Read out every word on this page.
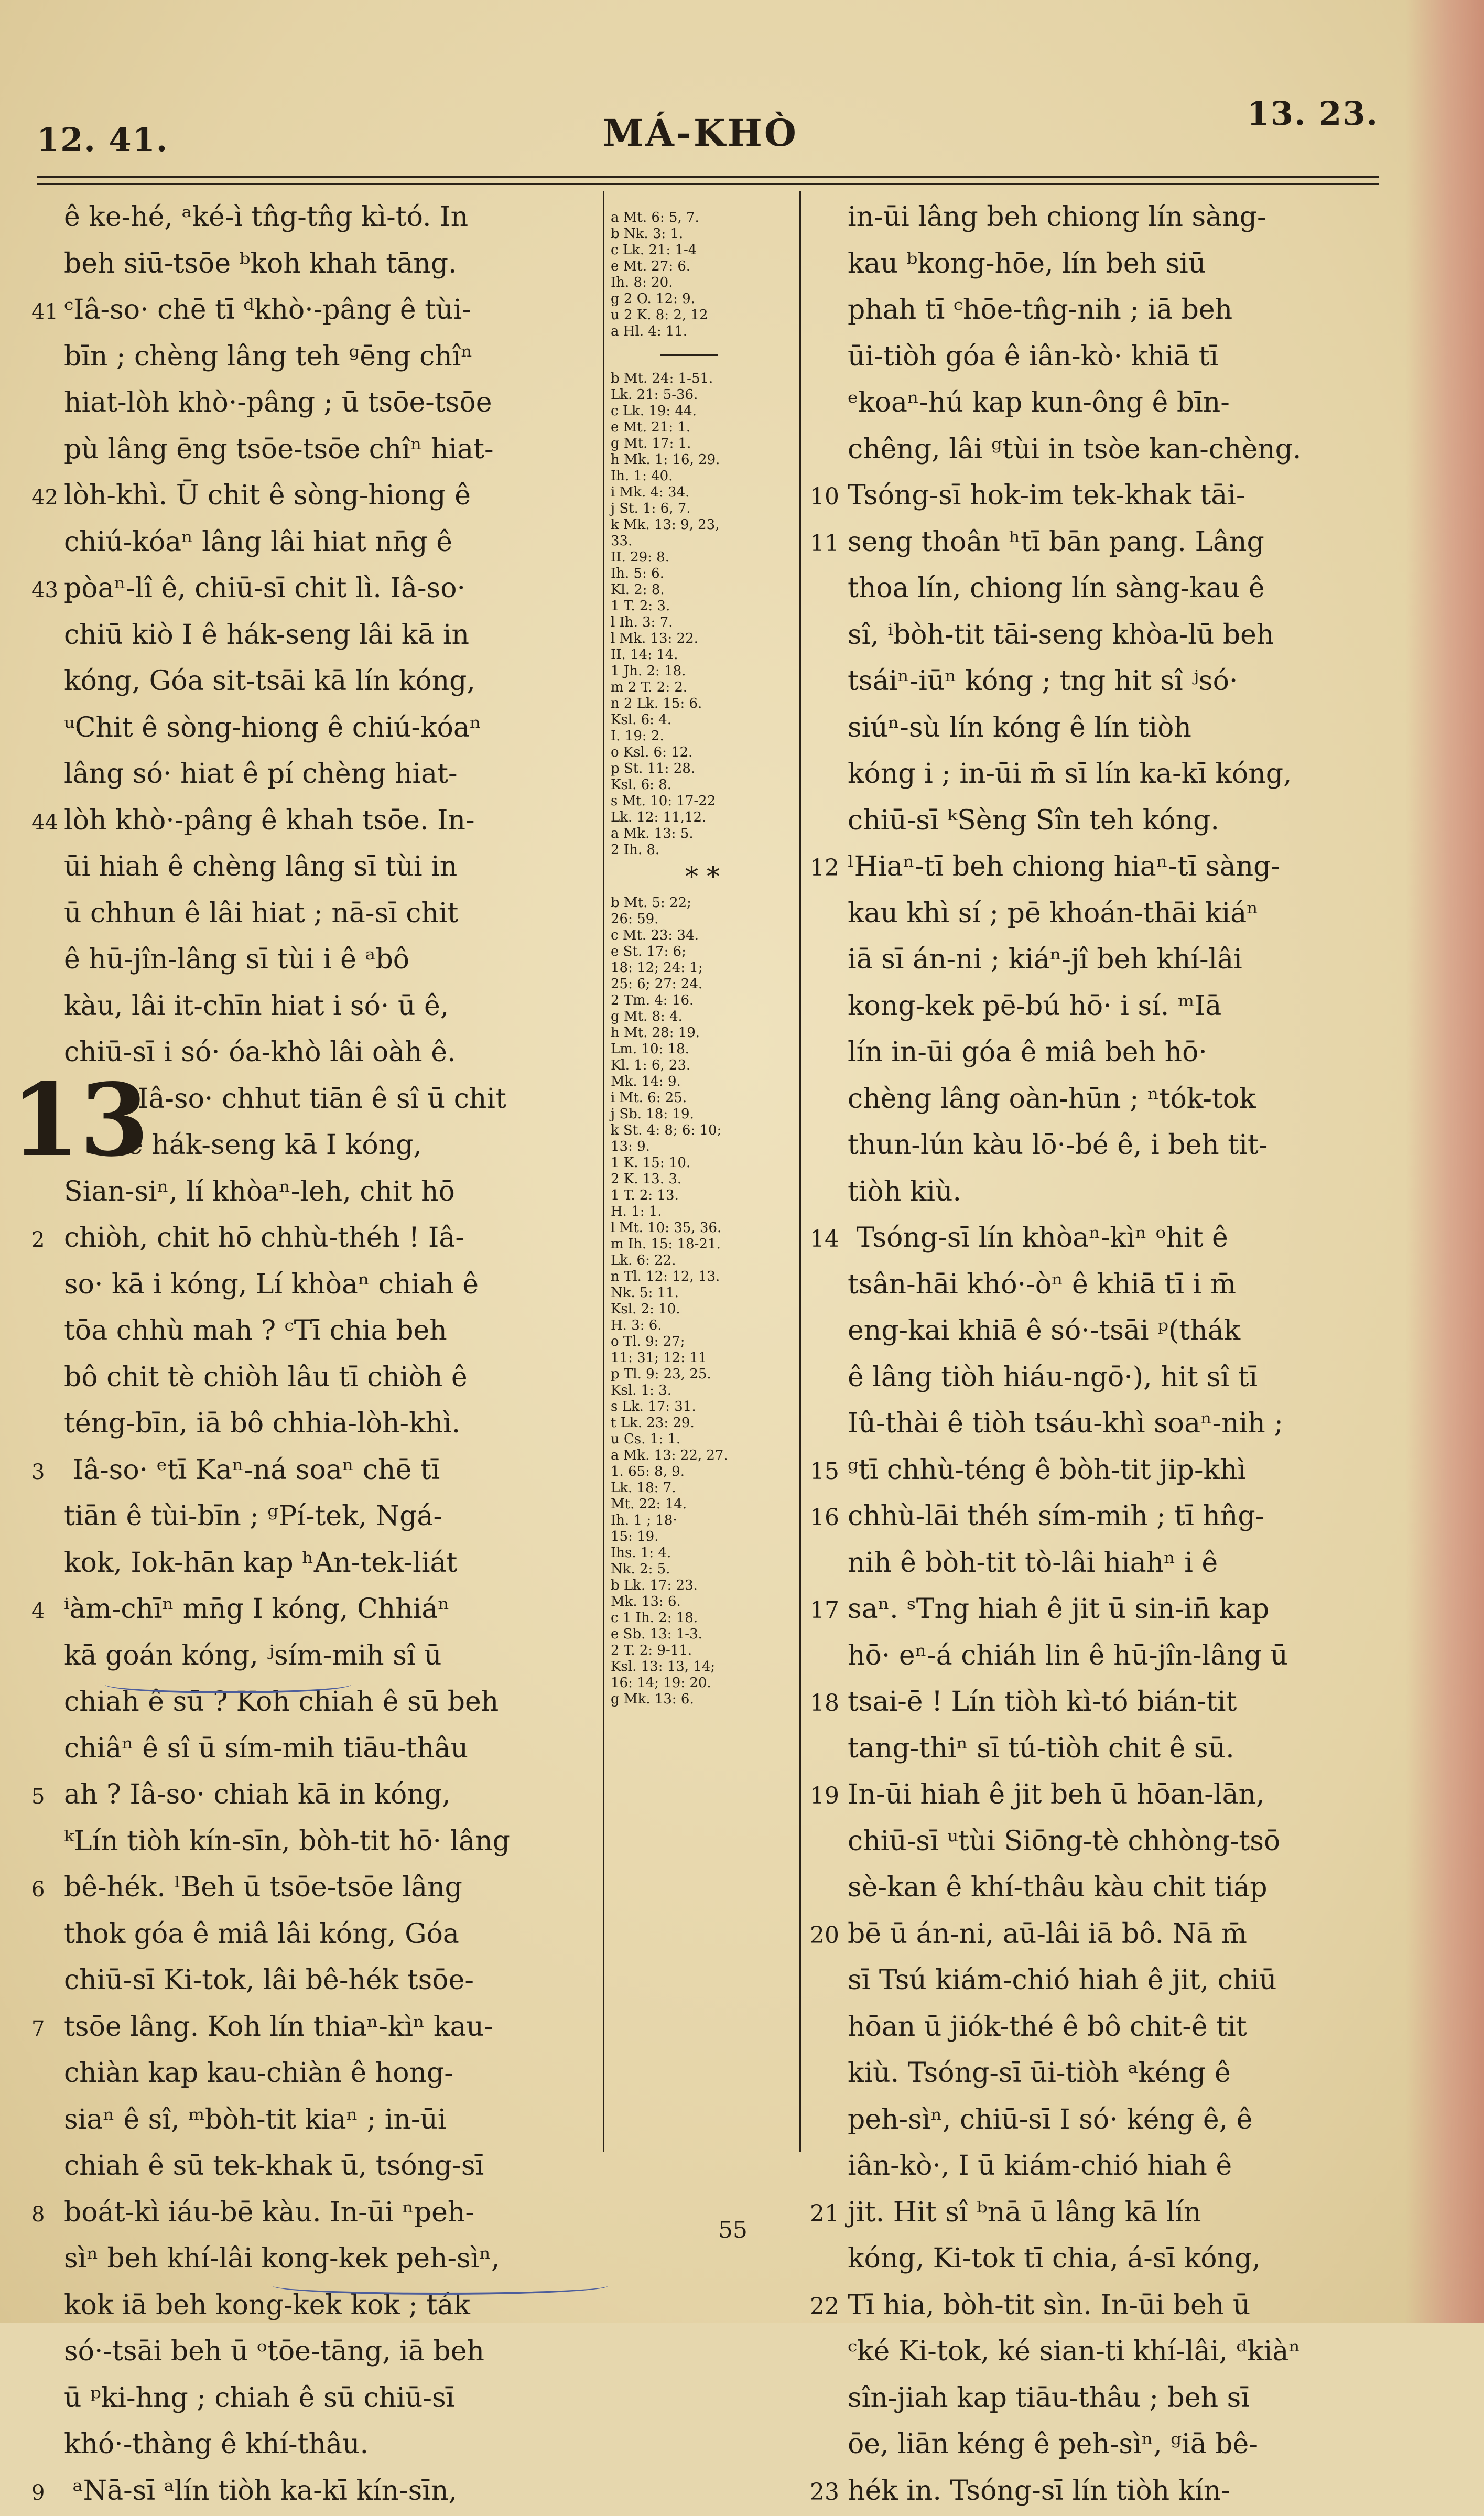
12. 41.	MÁ-KHÒ	13. 23.
ê ke-hé, ᵃké-ì tn̂g-tn̂g kì-tó. In
beh siū-tsōe ᵇkoh khah tāng.
41 ᶜIâ-so· chē tī ᵈkhò·-pâng ê tùi-
bīn ; chèng lâng teh ᵍēng chîⁿ
hiat-lòh khò·-pâng ; ū tsōe-tsōe
pù lâng ēng tsōe-tsōe chîⁿ hiat-
42 lòh-khì. Ū chit ê sòng-hiong ê
chiú-kóaⁿ lâng lâi hiat nn̄g ê
43 pòaⁿ-lî ê, chiū-sī chit lì. Iâ-so·
chiū kiò I ê hák-seng lâi kā in
kóng, Góa sit-tsāi kā lín kóng,
ᵘChit ê sòng-hiong ê chiú-kóaⁿ
lâng só· hiat ê pí chèng hiat-
44 lòh khò·-pâng ê khah tsōe. In-
ūi hiah ê chèng lâng sī tùi in
ū chhun ê lâi hiat ; nā-sī chit
ê hū-jîn-lâng sī tùi i ê ᵃbô
kàu, lâi it-chīn hiat i só· ū ê,
chiū-sī i só· óa-khò lâi oàh ê.
ᵇIâ-so· chhut tiān ê sî ū chit
ê hák-seng kā I kóng,
Sian-siⁿ, lí khòaⁿ-leh, chit hō
2 chiòh, chit hō chhù-théh ! Iâ-
so· kā i kóng, Lí khòaⁿ chiah ê
tōa chhù mah ? ᶜTī chia beh
bô chit tè chiòh lâu tī chiòh ê
téng-bīn, iā bô chhia-lòh-khì.
3 Iâ-so· ᵉtī Kaⁿ-ná soaⁿ chē tī
tiān ê tùi-bīn ; ᵍPí-tek, Ngá-
kok, Iok-hān kap ʰAn-tek-liát
4 ⁱàm-chīⁿ mn̄g I kóng, Chhiáⁿ
kā goán kóng, ʲsím-mih sî ū
chiah ê sū ? Koh chiah ê sū beh
chiâⁿ ê sî ū sím-mih tiāu-thâu
5 ah ? Iâ-so· chiah kā in kóng,
ᵏLín tiòh kín-sīn, bòh-tit hō· lâng
6 bê-hék. ˡBeh ū tsōe-tsōe lâng
thok góa ê miâ lâi kóng, Góa
chiū-sī Ki-tok, lâi bê-hék tsōe-
7 tsōe lâng. Koh lín thiaⁿ-kìⁿ kau-
chiàn kap kau-chiàn ê hong-
siaⁿ ê sî, ᵐbòh-tit kiaⁿ ; in-ūi
chiah ê sū tek-khak ū, tsóng-sī
8 boát-kì iáu-bē kàu. In-ūi ⁿpeh-
sìⁿ beh khí-lâi kong-kek peh-sìⁿ,
kok iā beh kong-kek kok ; ták
só·-tsāi beh ū ᵒtōe-tāng, iā beh
ū ᵖki-hng ; chiah ê sū chiū-sī
khó·-thàng ê khí-thâu.
9 ᵃNā-sī ᵃlín tiòh ka-kī kín-sīn,
13
a Mt. 6: 5, 7.
b Nk. 3: 1.
c Lk. 21: 1-4
e Mt. 27: 6.
Ih. 8: 20.
g 2 O. 12: 9.
u 2 K. 8: 2, 12
a Hl. 4: 11.
b Mt. 24: 1-51.
Lk. 21: 5-36.
c Lk. 19: 44.
e Mt. 21: 1.
g Mt. 17: 1.
h Mk. 1: 16, 29.
Ih. 1: 40.
i Mk. 4: 34.
j St. 1: 6, 7.
k Mk. 13: 9, 23,
33.
II. 29: 8.
Ih. 5: 6.
Kl. 2: 8.
1 T. 2: 3.
l Ih. 3: 7.
l Mk. 13: 22.
II. 14: 14.
1 Jh. 2: 18.
m 2 T. 2: 2.
n 2 Lk. 15: 6.
Ksl. 6: 4.
I. 19: 2.
o Ksl. 6: 12.
p St. 11: 28.
Ksl. 6: 8.
s Mt. 10: 17-22
Lk. 12: 11,12.
a Mk. 13: 5.
2 Ih. 8.
* *
b Mt. 5: 22;
26: 59.
c Mt. 23: 34.
e St. 17: 6;
18: 12; 24: 1;
25: 6; 27: 24.
2 Tm. 4: 16.
g Mt. 8: 4.
h Mt. 28: 19.
Lm. 10: 18.
Kl. 1: 6, 23.
Mk. 14: 9.
i Mt. 6: 25.
j Sb. 18: 19.
k St. 4: 8; 6: 10;
13: 9.
1 K. 15: 10.
2 K. 13. 3.
1 T. 2: 13.
H. 1: 1.
l Mt. 10: 35, 36.
m Ih. 15: 18-21.
Lk. 6: 22.
n Tl. 12: 12, 13.
Nk. 5: 11.
Ksl. 2: 10.
H. 3: 6.
o Tl. 9: 27;
11: 31; 12: 11
p Tl. 9: 23, 25.
Ksl. 1: 3.
s Lk. 17: 31.
t Lk. 23: 29.
u Cs. 1: 1.
a Mk. 13: 22, 27.
1. 65: 8, 9.
Lk. 18: 7.
Mt. 22: 14.
Ih. 1 ; 18·
15: 19.
Ihs. 1: 4.
Nk. 2: 5.
b Lk. 17: 23.
Mk. 13: 6.
c 1 Ih. 2: 18.
e Sb. 13: 1-3.
2 T. 2: 9-11.
Ksl. 13: 13, 14;
16: 14; 19: 20.
g Mk. 13: 6.
in-ūi lâng beh chiong lín sàng-
kau ᵇkong-hōe, lín beh siū
phah tī ᶜhōe-tn̂g-nih ; iā beh
ūi-tiòh góa ê iân-kò· khiā tī
ᵉkoaⁿ-hú kap kun-ông ê bīn-
chêng, lâi ᵍtùi in tsòe kan-chèng.
10 Tsóng-sī hok-im tek-khak tāi-
11 seng thoân ʰtī bān pang. Lâng
thoa lín, chiong lín sàng-kau ê
sî, ⁱbòh-tit tāi-seng khòa-lū beh
tsáiⁿ-iūⁿ kóng ; tng hit sî ʲsó·
siúⁿ-sù lín kóng ê lín tiòh
kóng i ; in-ūi m̄ sī lín ka-kī kóng,
chiū-sī ᵏSèng Sîn teh kóng.
12 ˡHiaⁿ-tī beh chiong hiaⁿ-tī sàng-
kau khì sí ; pē khoán-thāi kiáⁿ
iā sī án-ni ; kiáⁿ-jî beh khí-lâi
kong-kek pē-bú hō· i sí. ᵐIā
lín in-ūi góa ê miâ beh hō·
chèng lâng oàn-hūn ; ⁿtók-tok
thun-lún kàu lō·-bé ê, i beh tit-
tiòh kiù.
14 Tsóng-sī lín khòaⁿ-kìⁿ ᵒhit ê
tsân-hāi khó·-òⁿ ê khiā tī i m̄
eng-kai khiā ê só·-tsāi ᵖ(thák
ê lâng tiòh hiáu-ngō·), hit sî tī
Iû-thài ê tiòh tsáu-khì soaⁿ-nih ;
15 ᵍtī chhù-téng ê bòh-tit jip-khì
16 chhù-lāi théh sím-mih ; tī hn̂g-
nih ê bòh-tit tò-lâi hiahⁿ i ê
17 saⁿ. ˢTng hiah ê jit ū sin-in̄ kap
hō· eⁿ-á chiáh lin ê hū-jîn-lâng ū
18 tsai-ē ! Lín tiòh kì-tó bián-tit
tang-thiⁿ sī tú-tiòh chit ê sū.
19 In-ūi hiah ê jit beh ū hōan-lān,
chiū-sī ᵘtùi Siōng-tè chhòng-tsō
sè-kan ê khí-thâu kàu chit tiáp
20 bē ū án-ni, aū-lâi iā bô. Nā m̄
sī Tsú kiám-chió hiah ê jit, chiū
hōan ū jiók-thé ê bô chit-ê tit
kiù. Tsóng-sī ūi-tiòh ᵃkéng ê
peh-sìⁿ, chiū-sī I só· kéng ê, ê
iân-kò·, I ū kiám-chió hiah ê
21 jit. Hit sî ᵇnā ū lâng kā lín
kóng, Ki-tok tī chia, á-sī kóng,
22 Tī hia, bòh-tit sìn. In-ūi beh ū
ᶜké Ki-tok, ké sian-ti khí-lâi, ᵈkiàⁿ
sîn-jiah kap tiāu-thâu ; beh sī
ōe, liān kéng ê peh-sìⁿ, ᵍiā bê-
23 hék in. Tsóng-sī lín tiòh kín-
55
